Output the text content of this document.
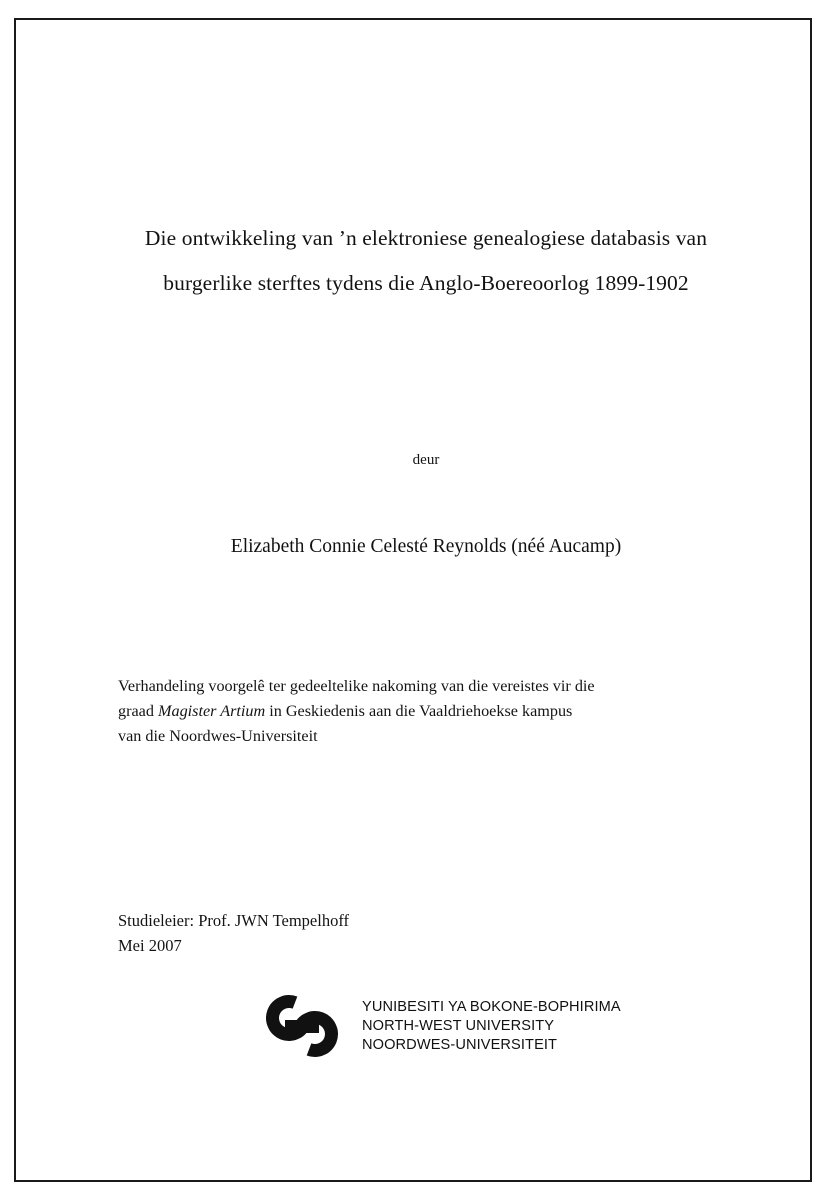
Die ontwikkeling van ’n elektroniese genealogiese databasis van
burgerlike sterftes tydens die Anglo-Boereoorlog 1899-1902
deur
Elizabeth Connie Celesté Reynolds (néé Aucamp)

Verhandeling voorgelê ter gedeeltelike nakoming van die vereistes vir die

graad Magister Artium in Geskiedenis aan die Vaaldriehoekse kampus

van die Noordwes-Universiteit

Studieleier: Prof. JWN Tempelhoff

Mei 2007

YUNIBESITI YA BOKONE-BOPHIRIMA
NORTH-WEST UNIVERSITY
NOORDWES-UNIVERSITEIT
